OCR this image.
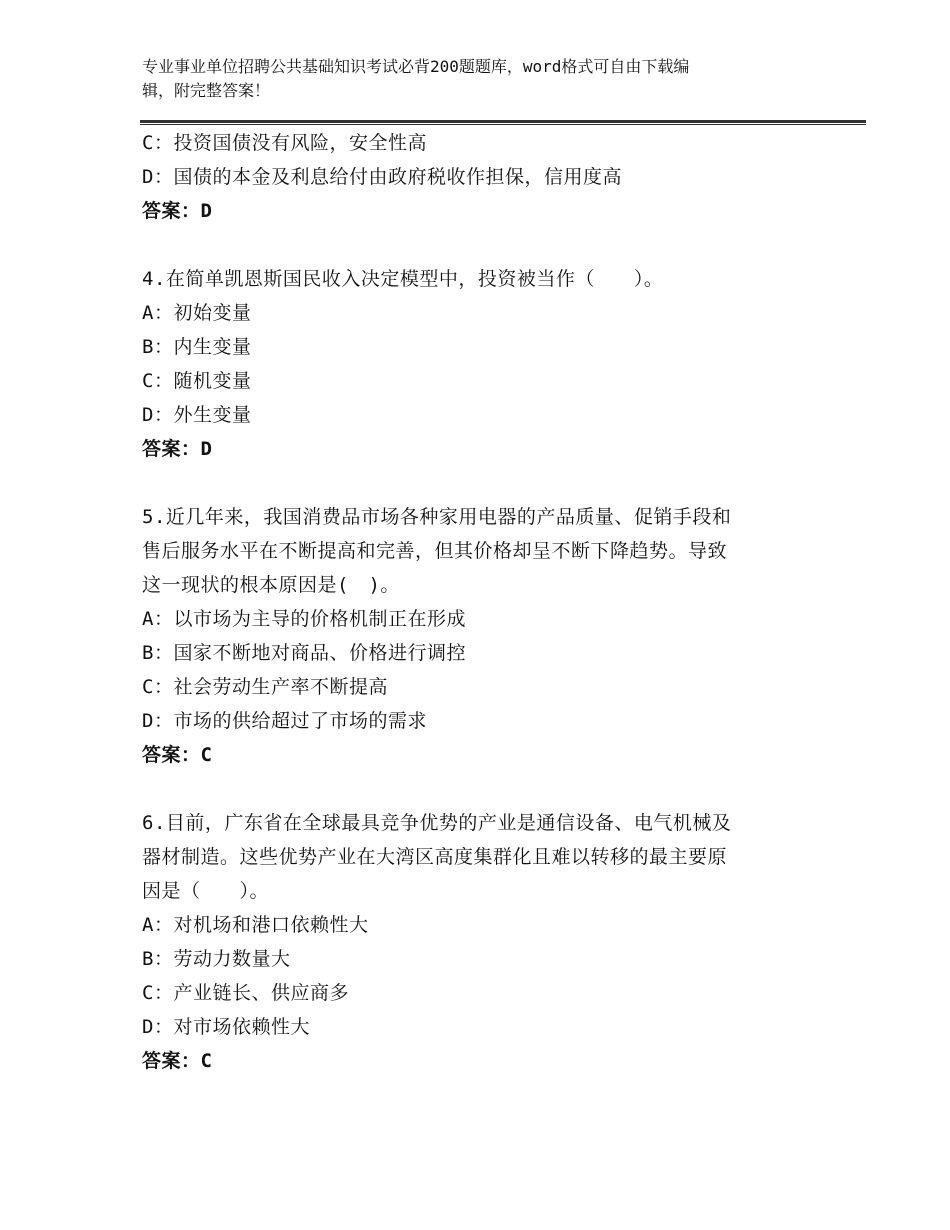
专业事业单位招聘公共基础知识考试必背200题题库，word格式可自由下载编
辑，附完整答案！
C：投资国债没有风险，安全性高
D：国债的本金及利息给付由政府税收作担保，信用度高
答案：D
4.在简单凯恩斯国民收入决定模型中，投资被当作（　　）。
A：初始变量
B：内生变量
C：随机变量
D：外生变量
答案：D
5.近几年来，我国消费品市场各种家用电器的产品质量、促销手段和
售后服务水平在不断提高和完善，但其价格却呈不断下降趋势。导致
这一现状的根本原因是(　)。
A：以市场为主导的价格机制正在形成
B：国家不断地对商品、价格进行调控
C：社会劳动生产率不断提高
D：市场的供给超过了市场的需求
答案：C
6.目前，广东省在全球最具竞争优势的产业是通信设备、电气机械及
器材制造。这些优势产业在大湾区高度集群化且难以转移的最主要原
因是（　　）。
A：对机场和港口依赖性大
B：劳动力数量大
C：产业链长、供应商多
D：对市场依赖性大
答案：C
